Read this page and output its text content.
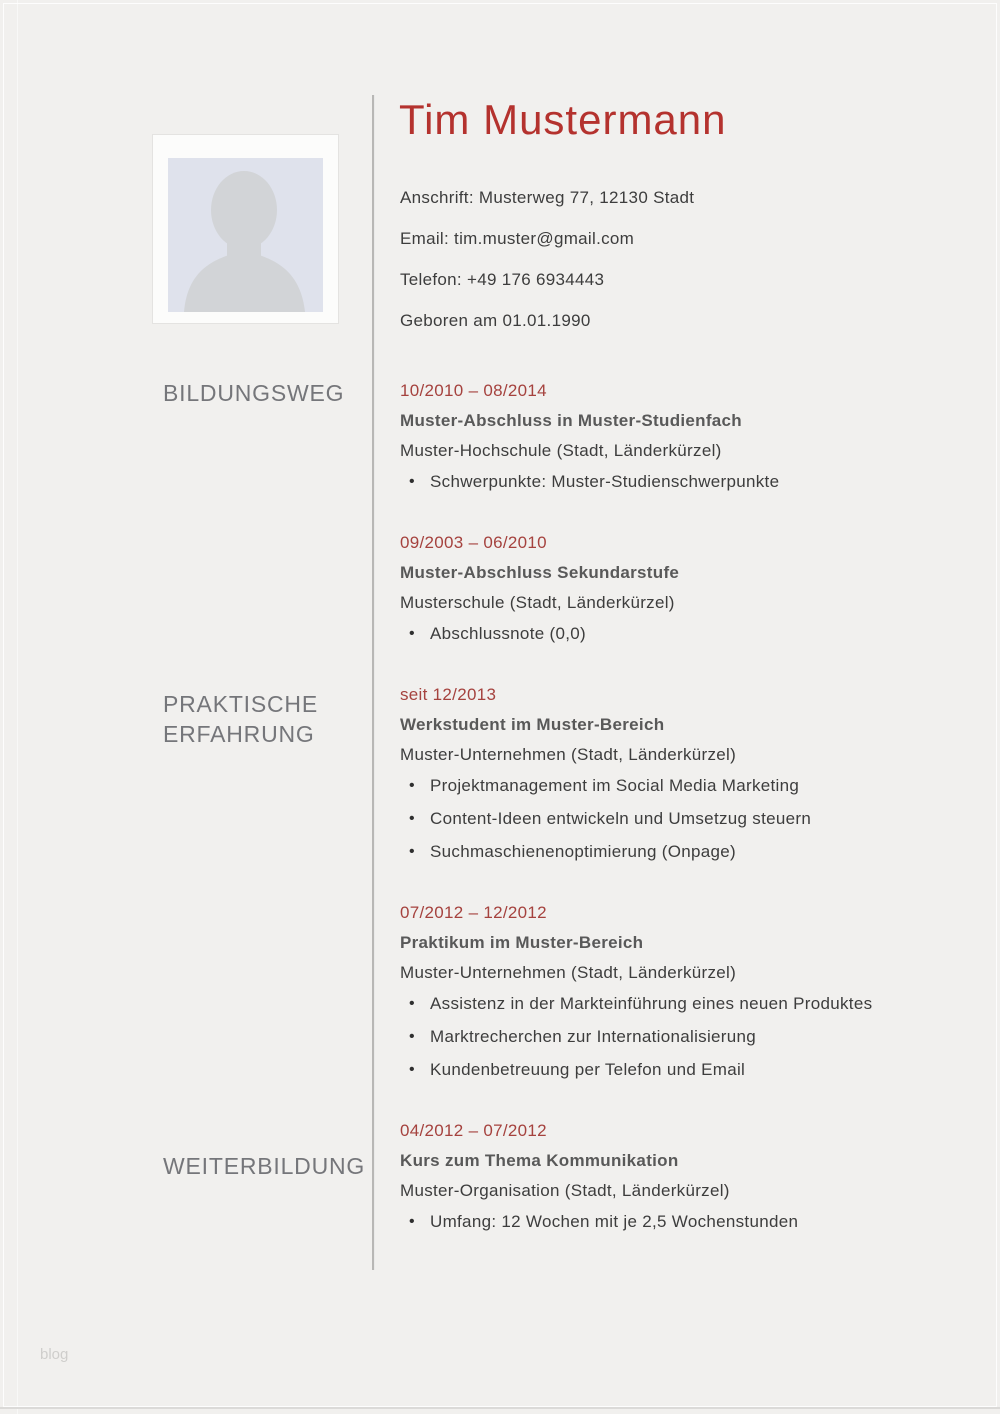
Tim Mustermann

Anschrift: Musterweg 77, 12130 Stadt

Email: tim.muster@gmail.com

Telefon: +49 176 6934443

Geboren am 01.01.1990

BILDUNGSWEG
PRAKTISCHE ERFAHRUNG
WEITERBILDUNG

10/2010 – 08/2014

Muster-Abschluss in Muster-Studienfach

Muster-Hochschule (Stadt, Länderkürzel)

• Schwerpunkte: Muster-Studienschwerpunkte

09/2003 – 06/2010

Muster-Abschluss Sekundarstufe

Musterschule (Stadt, Länderkürzel)

• Abschlussnote (0,0)

seit 12/2013

Werkstudent im Muster-Bereich

Muster-Unternehmen (Stadt, Länderkürzel)

• Projektmanagement im Social Media Marketing
• Content-Ideen entwickeln und Umsetzug steuern
• Suchmaschienenoptimierung (Onpage)

07/2012 – 12/2012

Praktikum im Muster-Bereich

Muster-Unternehmen (Stadt, Länderkürzel)

• Assistenz in der Markteinführung eines neuen Produktes
• Marktrecherchen zur Internationalisierung
• Kundenbetreuung per Telefon und Email

04/2012 – 07/2012

Kurs zum Thema Kommunikation

Muster-Organisation (Stadt, Länderkürzel)

• Umfang: 12 Wochen mit je 2,5 Wochenstunden
blog
